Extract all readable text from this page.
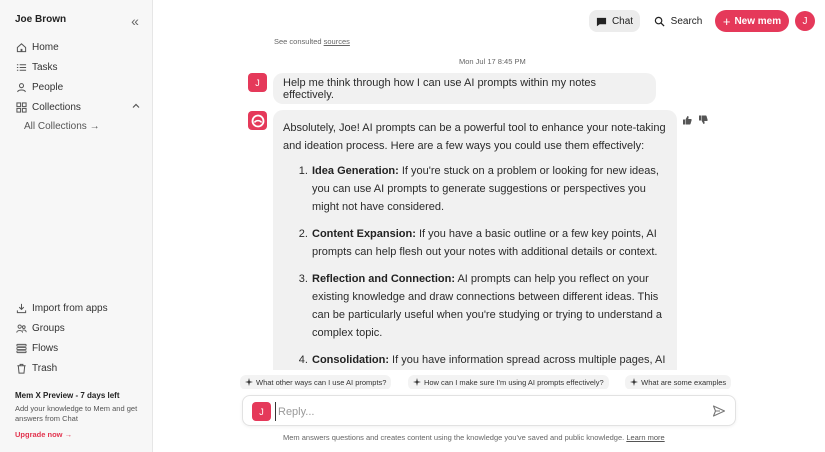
Joe Brown	«
Home
Tasks
People
Collections
All Collections →
Import from apps
Groups
Flows
Trash
Mem X Preview - 7 days left
Add your knowledge to Mem and get answers from Chat
Upgrade now →
Chat	Search + New mem	J
See consulted sources
Mon Jul 17 8:45 PM
J	Help me think through how I can use AI prompts within my notes effectively.

Absolutely, Joe! AI prompts can be a powerful tool to enhance your note-taking and ideation process. Here are a few ways you could use them effectively:

1. Idea Generation: If you're stuck on a problem or looking for new ideas, you can use AI prompts to generate suggestions or perspectives you might not have considered.
2. Content Expansion: If you have a basic outline or a few key points, AI prompts can help flesh out your notes with additional details or context.
3. Reflection and Connection: AI prompts can help you reflect on your existing knowledge and draw connections between different ideas. This can be particularly useful when you're studying or trying to understand a complex topic.
4. Consolidation: If you have information spread across multiple pages, AI
What other ways can I use AI prompts?
	How can I make sure I'm using AI prompts effectively?
	What are some examples
J
Reply...
Mem answers questions and creates content using the knowledge you've saved and public knowledge. Learn more
